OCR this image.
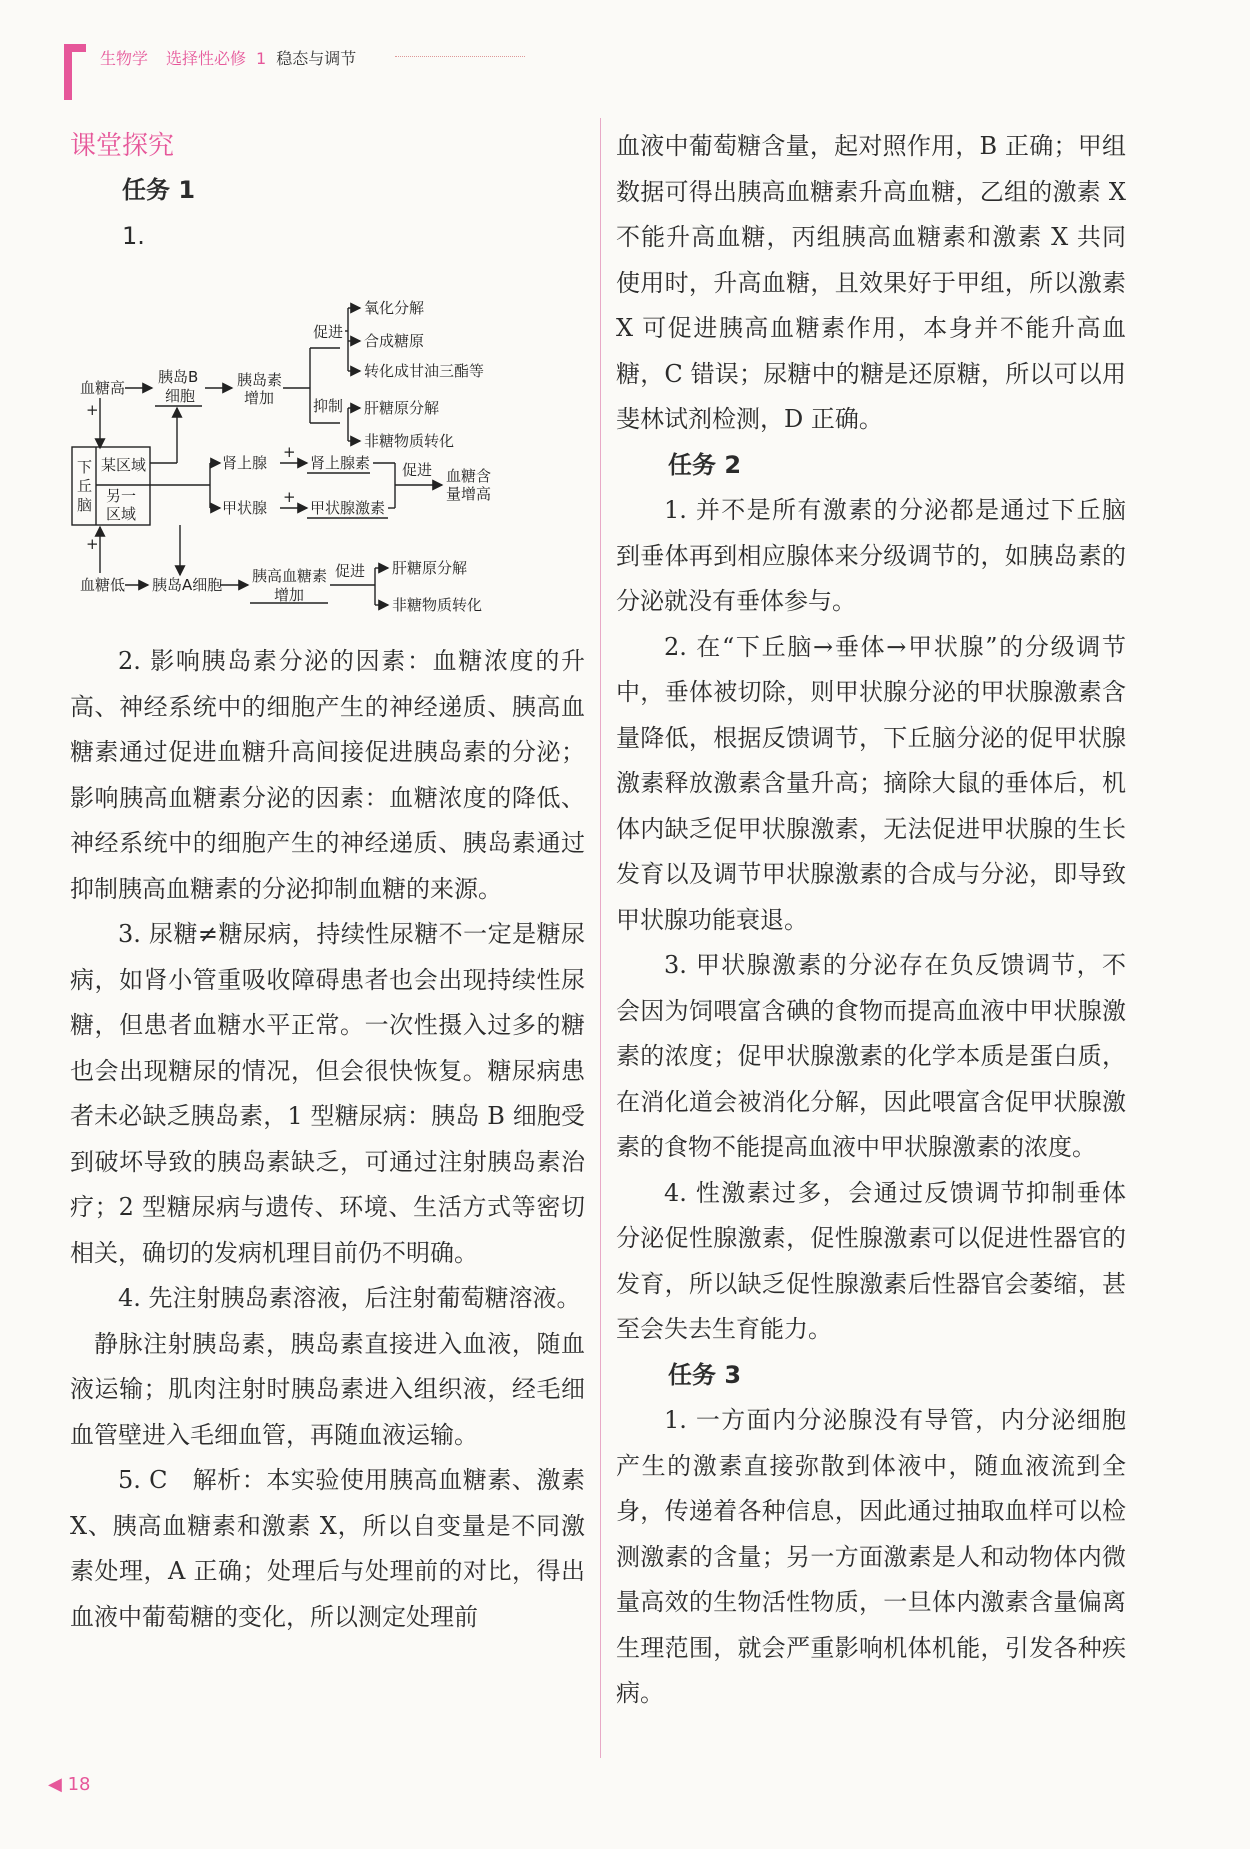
生物学 选择性必修 1 稳态与调节
课堂探究
任务 1
1.
血糖高
胰岛B
细胞
胰岛素
增加
促进
氧化分解
合成糖原
转化成甘油三酯等
抑制 肝糖原分解
非糖物质转化
+
下
丘
脑
某区域
另一
区域
肾上腺
+
肾上腺素
甲状腺
+
甲状腺激素
促进 血糖含
量增高
+
血糖低 胰岛A细胞 胰高血糖素
增加
促进 肝糖原分解
非糖物质转化

2. 影响胰岛素分泌的因素：血糖浓度的升高、神经系统中的细胞产生的神经递质、胰高血糖素通过促进血糖升高间接促进胰岛素的分泌；影响胰高血糖素分泌的因素：血糖浓度的降低、神经系统中的细胞产生的神经递质、胰岛素通过抑制胰高血糖素的分泌抑制血糖的来源。

3. 尿糖≠糖尿病，持续性尿糖不一定是糖尿病，如肾小管重吸收障碍患者也会出现持续性尿糖，但患者血糖水平正常。一次性摄入过多的糖也会出现糖尿的情况，但会很快恢复。糖尿病患者未必缺乏胰岛素，1 型糖尿病：胰岛 B 细胞受到破坏导致的胰岛素缺乏，可通过注射胰岛素治疗；2 型糖尿病与遗传、环境、生活方式等密切相关，确切的发病机理目前仍不明确。

4. 先注射胰岛素溶液，后注射葡萄糖溶液。

静脉注射胰岛素，胰岛素直接进入血液，随血液运输；肌肉注射时胰岛素进入组织液，经毛细血管壁进入毛细血管，再随血液运输。

5. C　解析：本实验使用胰高血糖素、激素 X、胰高血糖素和激素 X，所以自变量是不同激素处理，A 正确；处理后与处理前的对比，得出血液中葡萄糖的变化，所以测定处理前

血液中葡萄糖含量，起对照作用，B 正确；甲组数据可得出胰高血糖素升高血糖，乙组的激素 X 不能升高血糖，丙组胰高血糖素和激素 X 共同使用时，升高血糖，且效果好于甲组，所以激素 X 可促进胰高血糖素作用，本身并不能升高血糖，C 错误；尿糖中的糖是还原糖，所以可以用斐林试剂检测，D 正确。

任务 2

1. 并不是所有激素的分泌都是通过下丘脑到垂体再到相应腺体来分级调节的，如胰岛素的分泌就没有垂体参与。

2. 在“下丘脑→垂体→甲状腺”的分级调节中，垂体被切除，则甲状腺分泌的甲状腺激素含量降低，根据反馈调节，下丘脑分泌的促甲状腺激素释放激素含量升高；摘除大鼠的垂体后，机体内缺乏促甲状腺激素，无法促进甲状腺的生长发育以及调节甲状腺激素的合成与分泌，即导致甲状腺功能衰退。

3. 甲状腺激素的分泌存在负反馈调节，不会因为饲喂富含碘的食物而提高血液中甲状腺激素的浓度；促甲状腺激素的化学本质是蛋白质，在消化道会被消化分解，因此喂富含促甲状腺激素的食物不能提高血液中甲状腺激素的浓度。

4. 性激素过多，会通过反馈调节抑制垂体分泌促性腺激素，促性腺激素可以促进性器官的发育，所以缺乏促性腺激素后性器官会萎缩，甚至会失去生育能力。

任务 3

1. 一方面内分泌腺没有导管，内分泌细胞产生的激素直接弥散到体液中，随血液流到全身，传递着各种信息，因此通过抽取血样可以检测激素的含量；另一方面激素是人和动物体内微量高效的生物活性物质，一旦体内激素含量偏离生理范围，就会严重影响机体机能，引发各种疾病。

◀ 18
